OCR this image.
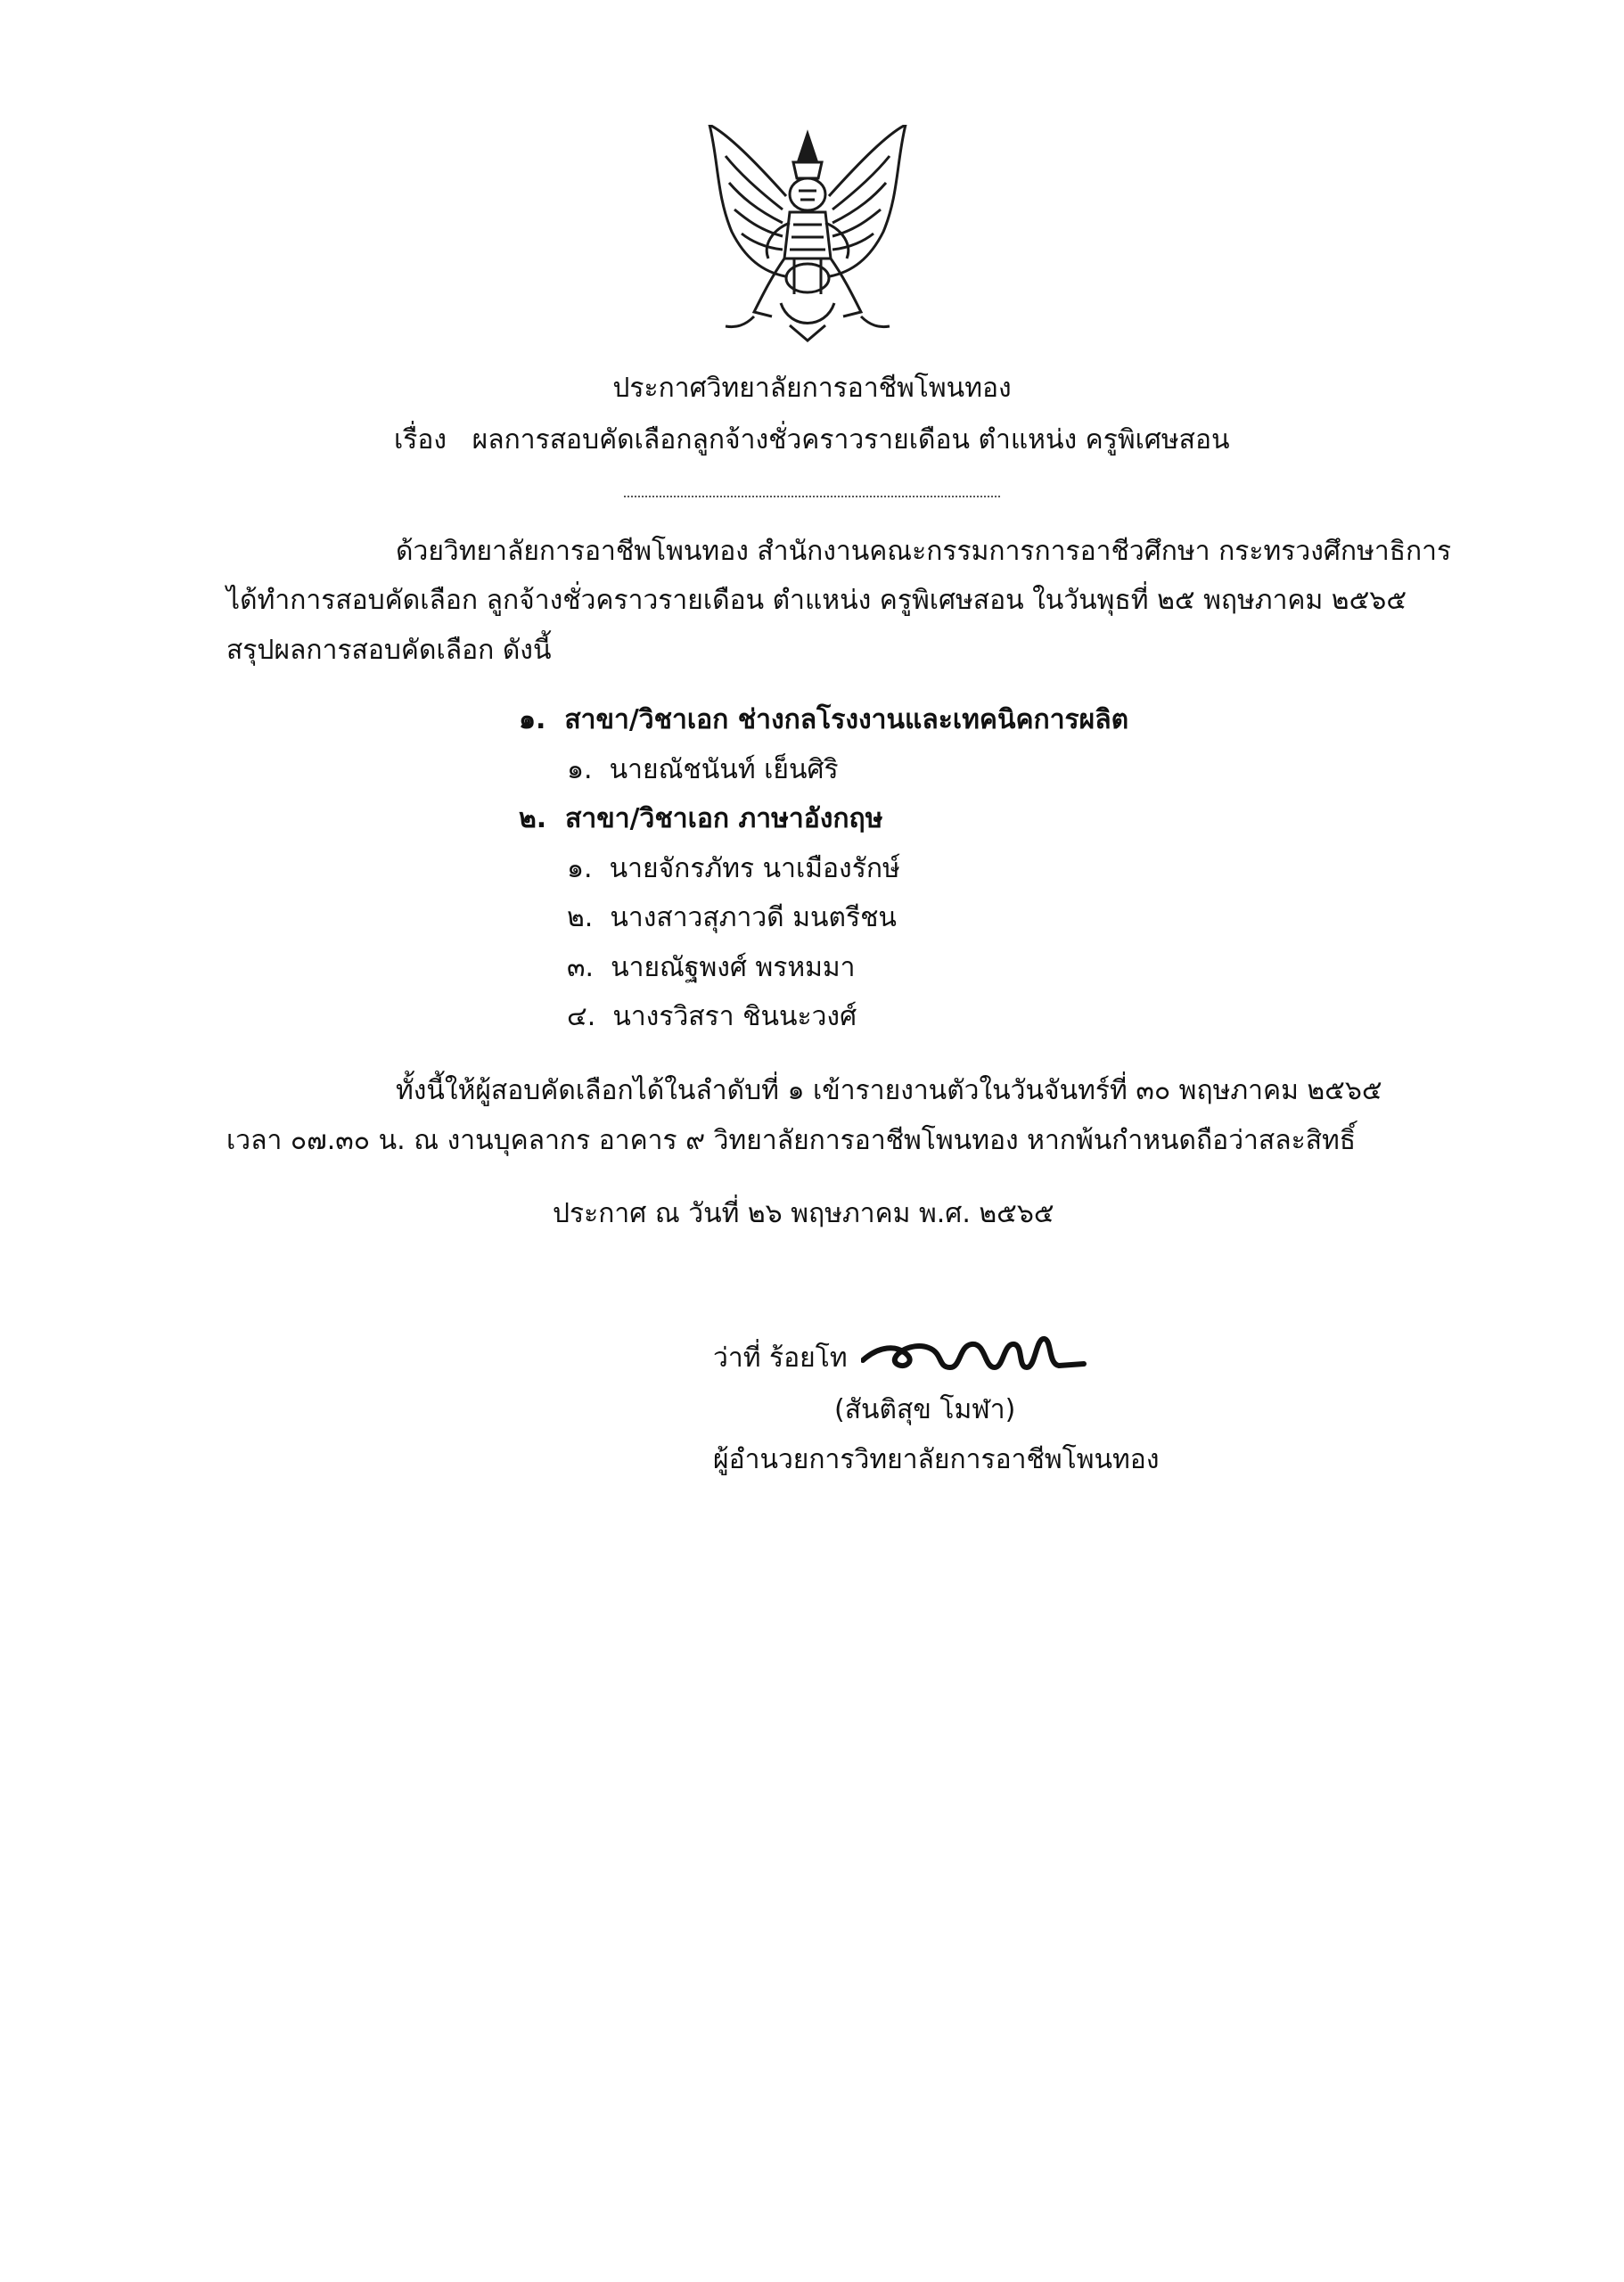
ประกาศวิทยาลัยการอาชีพโพนทอง
เรื่อง ผลการสอบคัดเลือกลูกจ้างชั่วคราวรายเดือน ตำแหน่ง ครูพิเศษสอน
ด้วยวิทยาลัยการอาชีพโพนทอง สำนักงานคณะกรรมการการอาชีวศึกษา กระทรวงศึกษาธิการ
ได้ทำการสอบคัดเลือก ลูกจ้างชั่วคราวรายเดือน ตำแหน่ง ครูพิเศษสอน ในวันพุธที่ ๒๕ พฤษภาคม ๒๕๖๕
สรุปผลการสอบคัดเลือก ดังนี้
๑. สาขา/วิชาเอก ช่างกลโรงงานและเทคนิคการผลิต
๑. นายณัชนันท์ เย็นศิริ
๒. สาขา/วิชาเอก ภาษาอังกฤษ
๑. นายจักรภัทร นาเมืองรักษ์
๒. นางสาวสุภาวดี มนตรีชน
๓. นายณัฐพงศ์ พรหมมา
๔. นางรวิสรา ชินนะวงศ์
ทั้งนี้ให้ผู้สอบคัดเลือกได้ในลำดับที่ ๑ เข้ารายงานตัวในวันจันทร์ที่ ๓๐ พฤษภาคม ๒๕๖๕
เวลา ๐๗.๓๐ น. ณ งานบุคลากร อาคาร ๙ วิทยาลัยการอาชีพโพนทอง หากพ้นกำหนดถือว่าสละสิทธิ์
ประกาศ ณ วันที่ ๒๖ พฤษภาคม พ.ศ. ๒๕๖๕
ว่าที่ ร้อยโท
(สันติสุข โมฬา)
ผู้อำนวยการวิทยาลัยการอาชีพโพนทอง
